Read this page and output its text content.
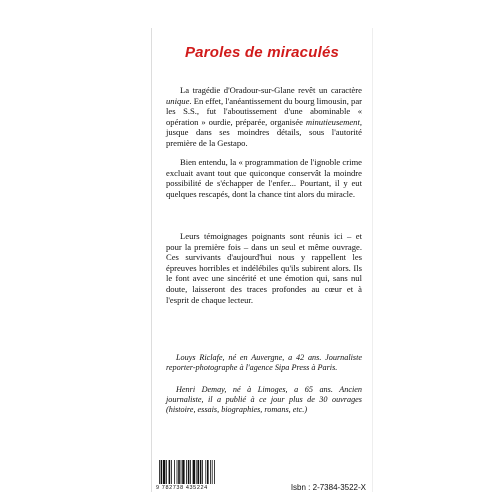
Paroles de miraculés
La tragédie d'Oradour-sur-Glane revêt un caractère unique. En effet, l'anéantissement du bourg limousin, par les S.S., fut l'aboutissement d'une abominable « opération » ourdie, préparée, organisée minutieusement, jusque dans ses moindres détails, sous l'autorité première de la Gestapo.
Bien entendu, la « programmation de l'ignoble crime excluait avant tout que quiconque conservât la moindre possibilité de s'échapper de l'enfer... Pourtant, il y eut quelques rescapés, dont la chance tint alors du miracle.
Leurs témoignages poignants sont réunis ici – et pour la première fois – dans un seul et même ouvrage. Ces survivants d'aujourd'hui nous y rappellent les épreuves horribles et indélébiles qu'ils subirent alors. Ils le font avec une sincérité et une émotion qui, sans nul doute, laisseront des traces profondes au cœur et à l'esprit de chaque lecteur.
Louys Riclafe, né en Auvergne, a 42 ans. Journaliste reporter-photographe à l'agence Sipa Press à Paris.
Henri Demay, né à Limoges, a 65 ans. Ancien journaliste, il a publié à ce jour plus de 30 ouvrages (histoire, essais, biographies, romans, etc.)
9 782738 435224	Isbn : 2-7384-3522-X
